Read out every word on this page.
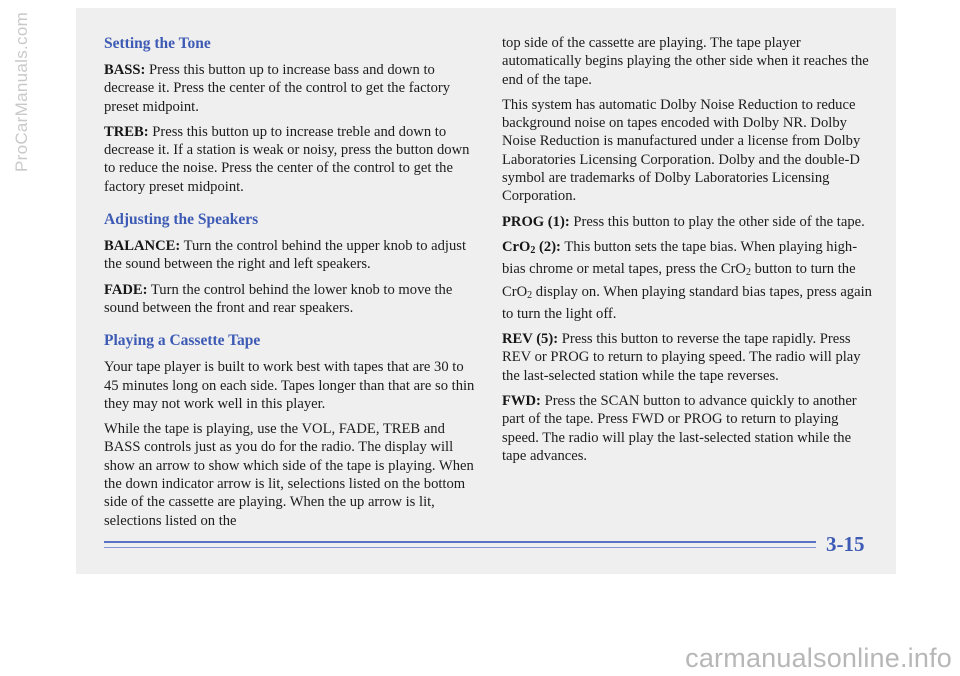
Setting the Tone

BASS: Press this button up to increase bass and down to decrease it. Press the center of the control to get the factory preset midpoint.

TREB: Press this button up to increase treble and down to decrease it. If a station is weak or noisy, press the button down to reduce the noise. Press the center of the control to get the factory preset midpoint.

Adjusting the Speakers

BALANCE: Turn the control behind the upper knob to adjust the sound between the right and left speakers.

FADE: Turn the control behind the lower knob to move the sound between the front and rear speakers.

Playing a Cassette Tape

Your tape player is built to work best with tapes that are 30 to 45 minutes long on each side. Tapes longer than that are so thin they may not work well in this player.

While the tape is playing, use the VOL, FADE, TREB and BASS controls just as you do for the radio. The display will show an arrow to show which side of the tape is playing. When the down indicator arrow is lit, selections listed on the bottom side of the cassette are playing. When the up arrow is lit, selections listed on the

top side of the cassette are playing. The tape player automatically begins playing the other side when it reaches the end of the tape.

This system has automatic Dolby Noise Reduction to reduce background noise on tapes encoded with Dolby NR. Dolby Noise Reduction is manufactured under a license from Dolby Laboratories Licensing Corporation. Dolby and the double-D symbol are trademarks of Dolby Laboratories Licensing Corporation.

PROG (1): Press this button to play the other side of the tape.

CrO$_2$ (2): This button sets the tape bias. When playing high-bias chrome or metal tapes, press the CrO$_2$ button to turn the CrO$_2$ display on. When playing standard bias tapes, press again to turn the light off.

REV (5): Press this button to reverse the tape rapidly. Press REV or PROG to return to playing speed. The radio will play the last-selected station while the tape reverses.

FWD: Press the SCAN button to advance quickly to another part of the tape. Press FWD or PROG to return to playing speed. The radio will play the last-selected station while the tape advances.

3-15
ProCarManuals.com
carmanualsonline.info
